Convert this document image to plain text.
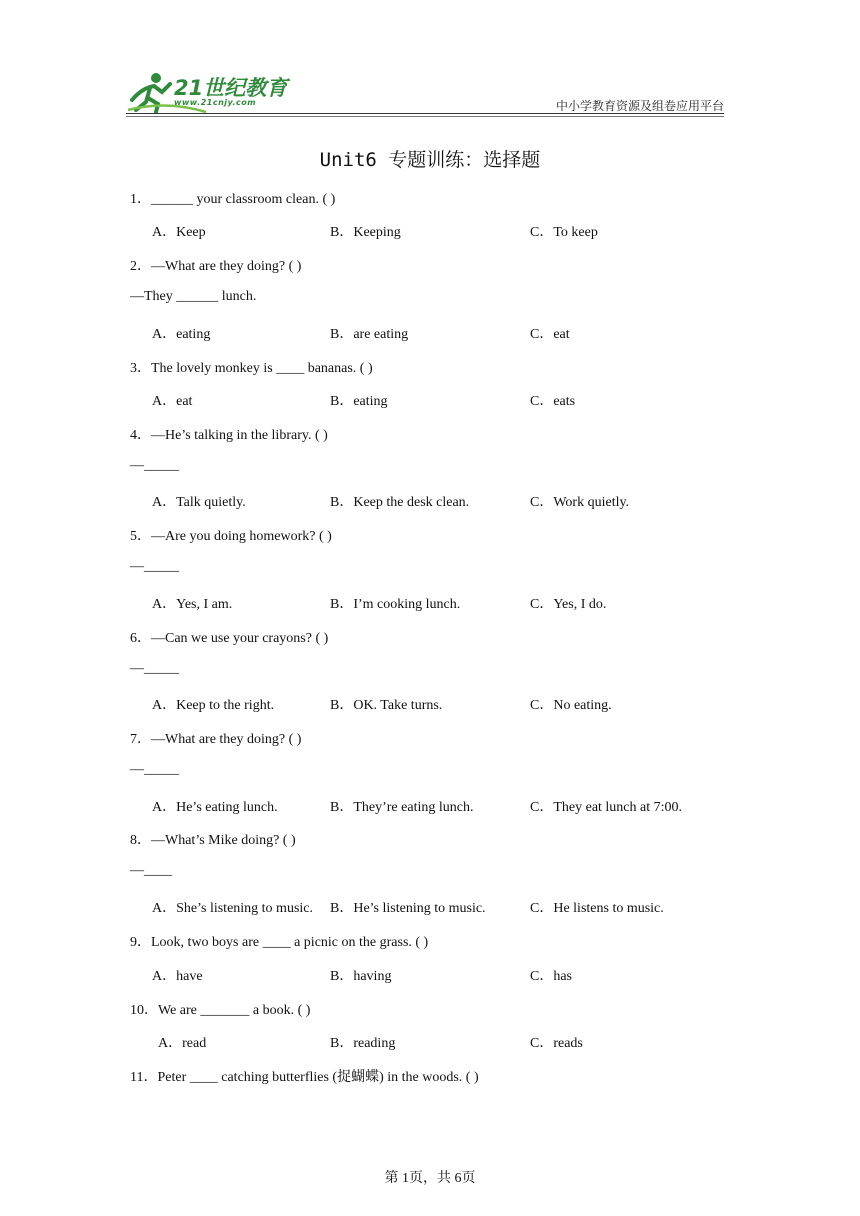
21世纪教育
www.21cnjy.com	中小学教育资源及组卷应用平台
Unit6 专题训练：选择题
1．______ your classroom clean. ( )
A．Keep	B．Keeping	C．To keep
2．—What are they doing? ( )
—They ______ lunch.
A．eating	B．are eating	C．eat
3．The lovely monkey is ____ bananas. ( )
A．eat	B．eating	C．eats
4．—He’s talking in the library. ( )
—_____
A．Talk quietly.	B．Keep the desk clean.	C．Work quietly.
5．—Are you doing homework? ( )
—_____
A．Yes, I am.	B．I’m cooking lunch.	C．Yes, I do.
6．—Can we use your crayons? ( )
—_____
A．Keep to the right.	B．OK. Take turns.	C．No eating.
7．—What are they doing? ( )
—_____
A．He’s eating lunch.	B．They’re eating lunch.	C．They eat lunch at 7:00.
8．—What’s Mike doing? ( )
—____
A．She’s listening to music. B．He’s listening to music.	C．He listens to music.
9．Look, two boys are ____ a picnic on the grass. ( )
A．have	B．having	C．has
10．We are _______ a book. ( )
A．read	B．reading	C．reads
11．Peter ____ catching butterflies (捉蝴蝶) in the woods. ( )
第 1页，共 6页
